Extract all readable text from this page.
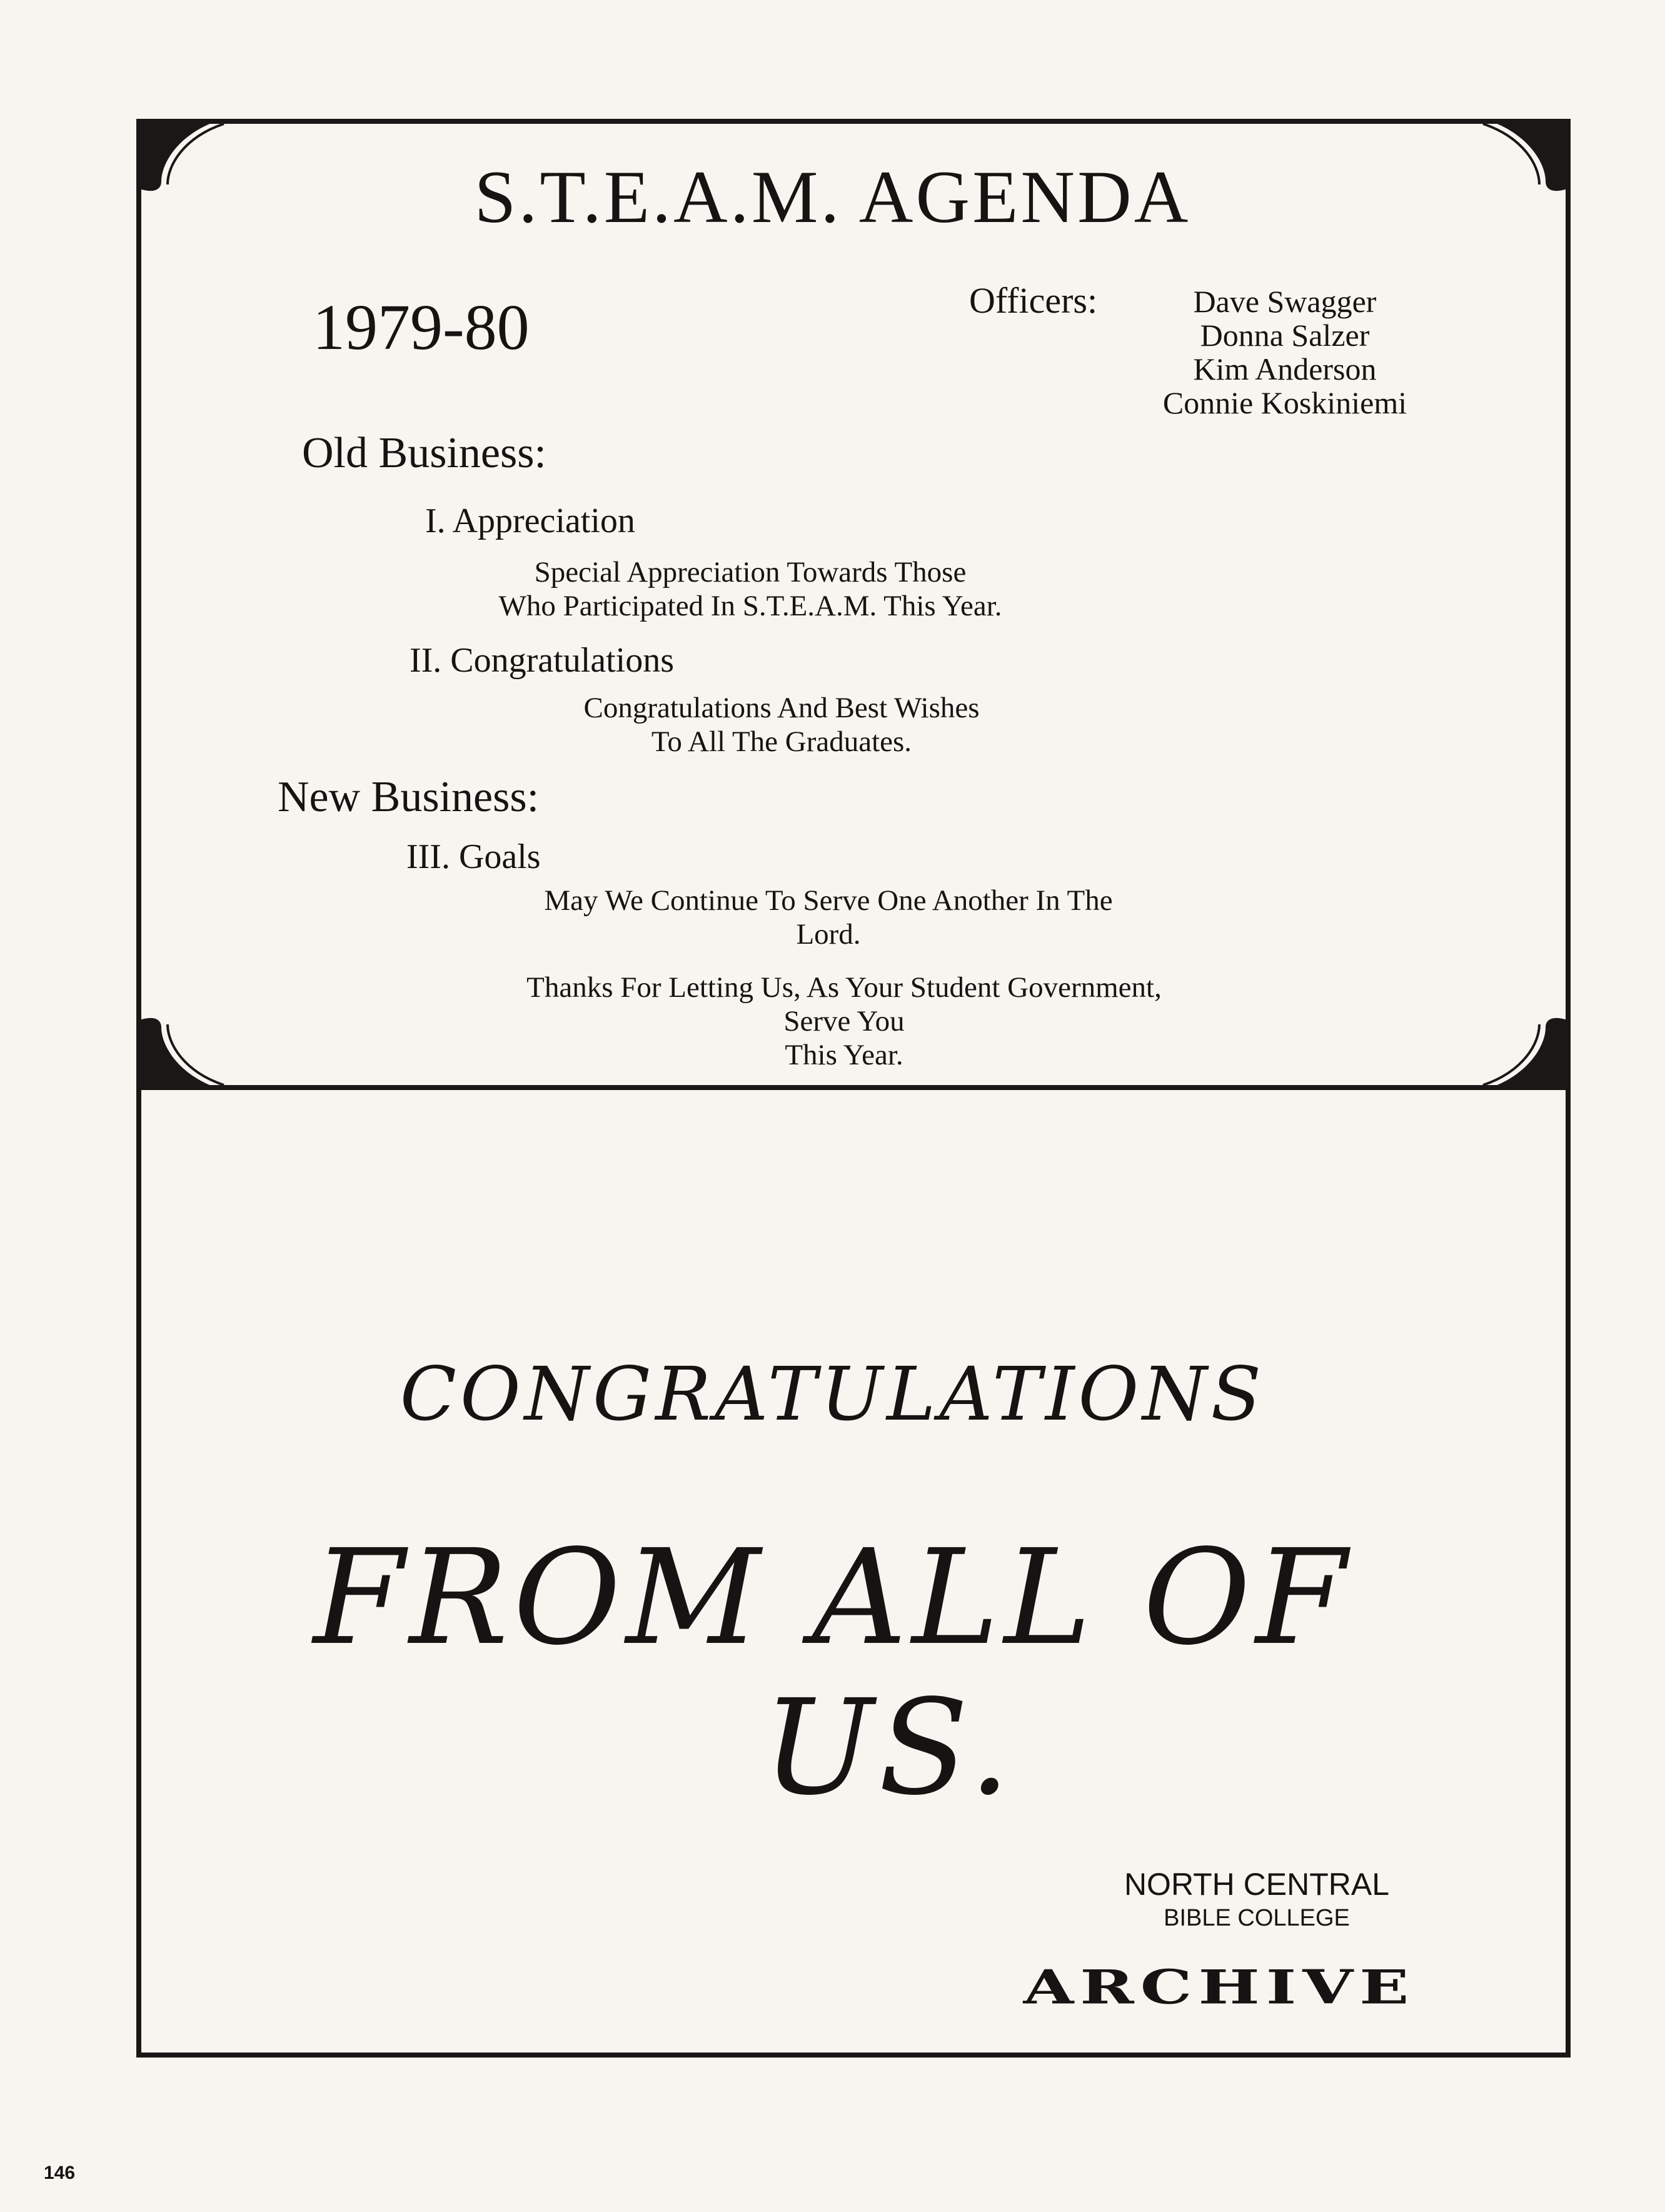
S.T.E.A.M. AGENDA
1979-80	Officers:	Dave Swagger
Donna Salzer
Kim Anderson
Connie Koskiniemi
Old Business:
I. Appreciation
Special Appreciation Towards Those
Who Participated In S.T.E.A.M. This Year.
II. Congratulations
Congratulations And Best Wishes
To All The Graduates.
New Business:
III. Goals
May We Continue To Serve One Another In The
Lord.
Thanks For Letting Us, As Your Student Government,
Serve You
This Year.
CONGRATULATIONS
FROM ALL OF
US.
NORTH CENTRAL
BIBLE COLLEGE
ARCHIVE
146
